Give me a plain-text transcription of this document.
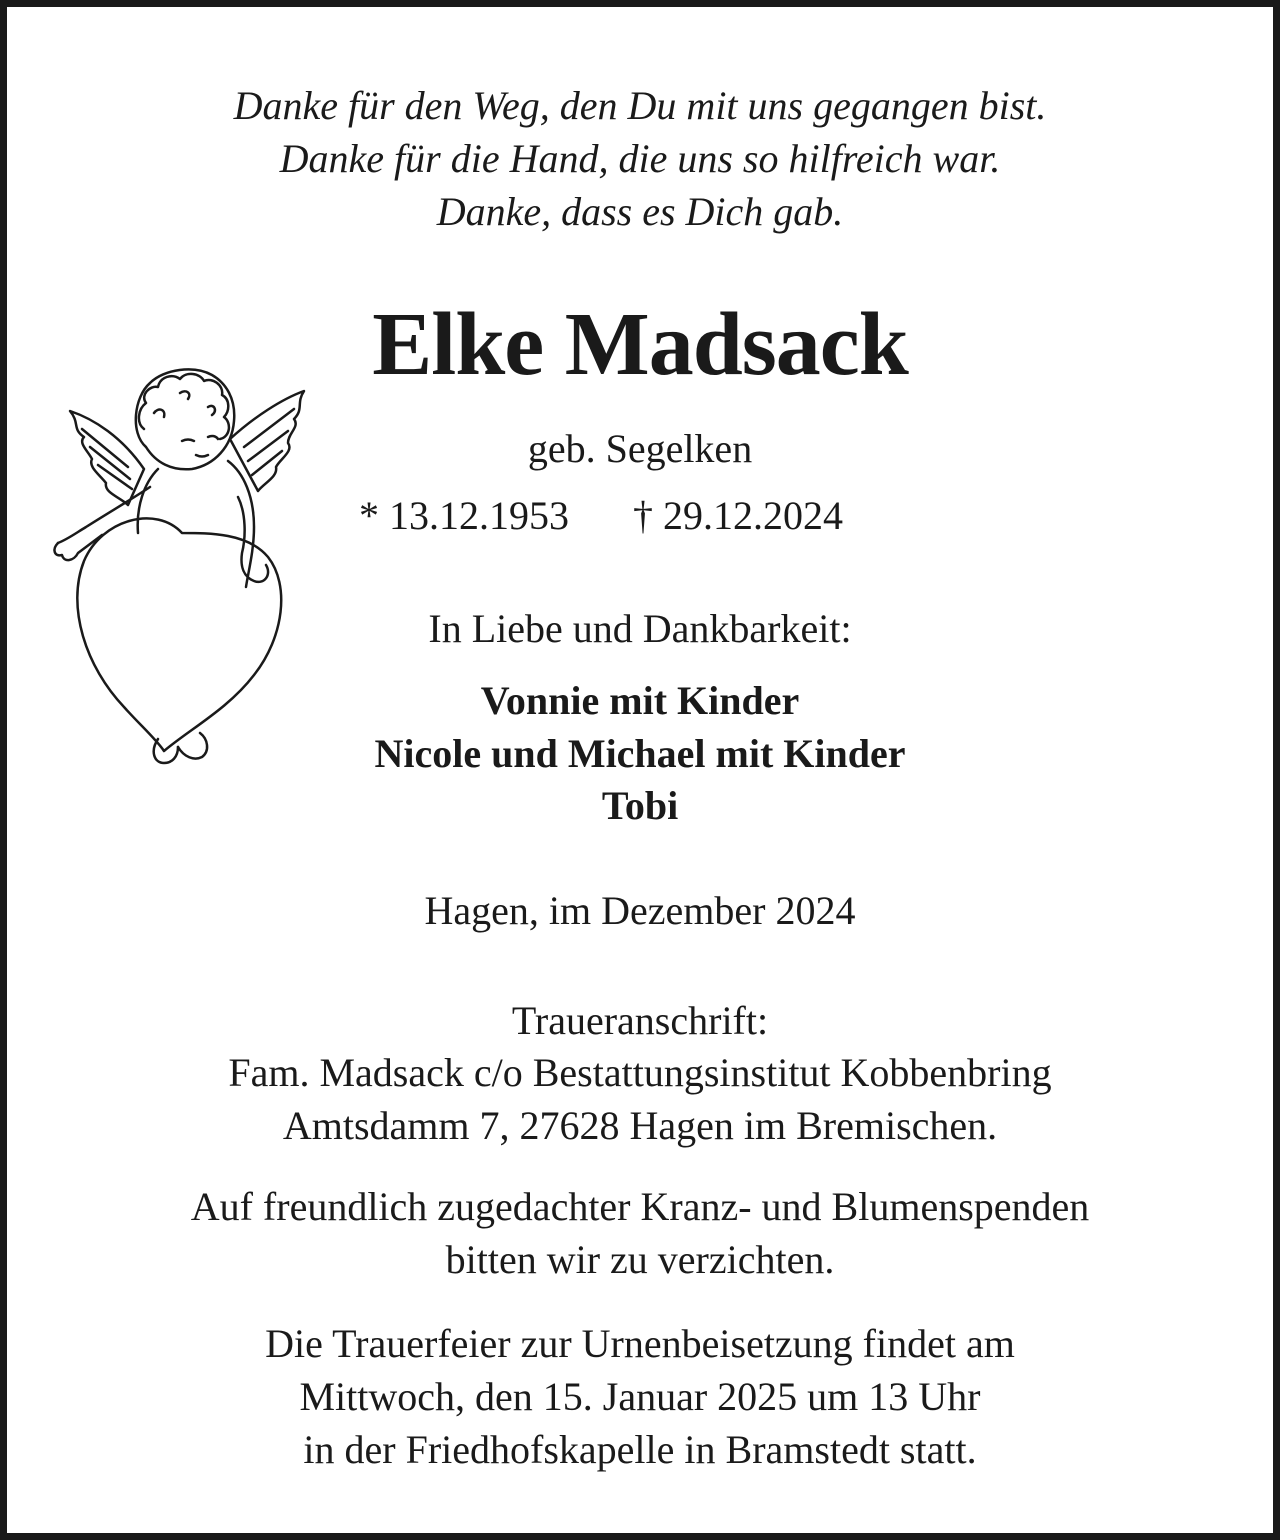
Danke für den Weg, den Du mit uns gegangen bist.
Danke für die Hand, die uns so hilfreich war.
Danke, dass es Dich gab.
Elke Madsack
geb. Segelken
* 13.12.1953 † 29.12.2024
In Liebe und Dankbarkeit:
Vonnie mit Kinder
Nicole und Michael mit Kinder
Tobi
Hagen, im Dezember 2024
Traueranschrift:
Fam. Madsack c/o Bestattungsinstitut Kobbenbring
Amtsdamm 7, 27628 Hagen im Bremischen.
Auf freundlich zugedachter Kranz- und Blumenspenden
bitten wir zu verzichten.
Die Trauerfeier zur Urnenbeisetzung findet am
Mittwoch, den 15. Januar 2025 um 13 Uhr
in der Friedhofskapelle in Bramstedt statt.
